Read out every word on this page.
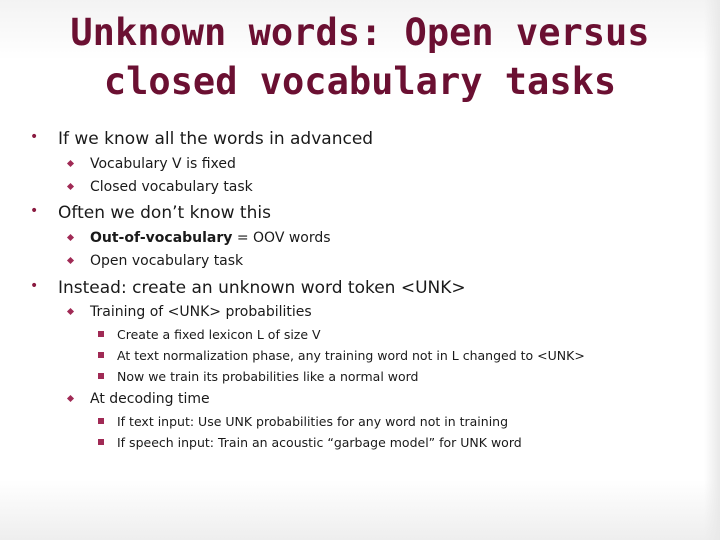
Unknown words: Open versus
closed vocabulary tasks
• If we know all the words in advanced
Vocabulary V is fixed
Closed vocabulary task
• Often we don’t know this
Out-of-vocabulary = OOV words
Open vocabulary task
• Instead: create an unknown word token <UNK>
Training of <UNK> probabilities
Create a fixed lexicon L of size V
At text normalization phase, any training word not in L changed to <UNK>
Now we train its probabilities like a normal word
At decoding time
If text input: Use UNK probabilities for any word not in training
If speech input: Train an acoustic “garbage model” for UNK word
